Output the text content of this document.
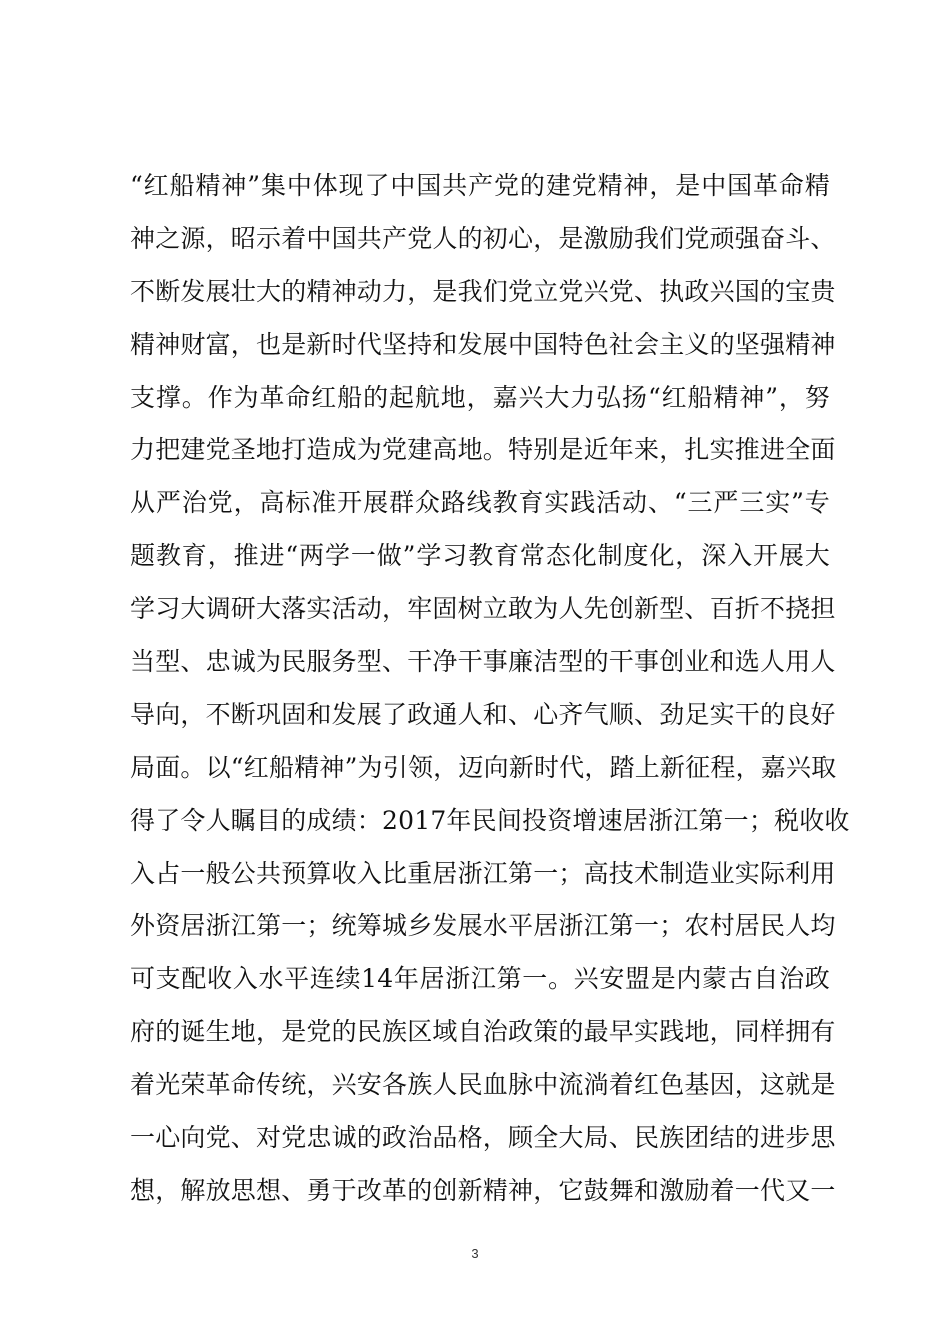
“红船精神”集中体现了中国共产党的建党精神，是中国革命精
神之源，昭示着中国共产党人的初心，是激励我们党顽强奋斗、
不断发展壮大的精神动力，是我们党立党兴党、执政兴国的宝贵
精神财富，也是新时代坚持和发展中国特色社会主义的坚强精神
支撑。作为革命红船的起航地，嘉兴大力弘扬“红船精神”，努
力把建党圣地打造成为党建高地。特别是近年来，扎实推进全面
从严治党，高标准开展群众路线教育实践活动、“三严三实”专
题教育，推进“两学一做”学习教育常态化制度化，深入开展大
学习大调研大落实活动，牢固树立敢为人先创新型、百折不挠担
当型、忠诚为民服务型、干净干事廉洁型的干事创业和选人用人
导向，不断巩固和发展了政通人和、心齐气顺、劲足实干的良好
局面。以“红船精神”为引领，迈向新时代，踏上新征程，嘉兴取
得了令人瞩目的成绩：2017年民间投资增速居浙江第一；税收收
入占一般公共预算收入比重居浙江第一；高技术制造业实际利用
外资居浙江第一；统筹城乡发展水平居浙江第一；农村居民人均
可支配收入水平连续14年居浙江第一。兴安盟是内蒙古自治政
府的诞生地，是党的民族区域自治政策的最早实践地，同样拥有
着光荣革命传统，兴安各族人民血脉中流淌着红色基因，这就是
一心向党、对党忠诚的政治品格，顾全大局、民族团结的进步思
想，解放思想、勇于改革的创新精神，它鼓舞和激励着一代又一
3
